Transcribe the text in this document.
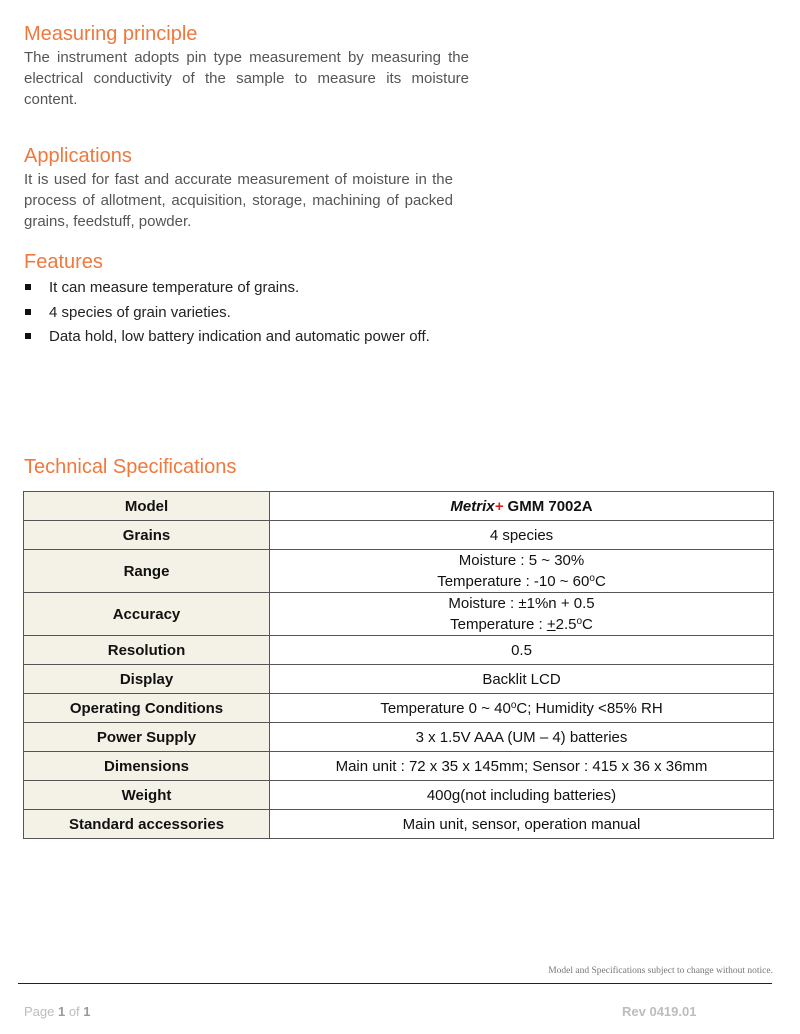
Measuring principle

The instrument adopts pin type measurement by measuring the electrical conductivity of the sample to measure its moisture content.

Applications

It is used for fast and accurate measurement of moisture in the process of allotment, acquisition, storage, machining of packed grains, feedstuff, powder.

Features
It can measure temperature of grains.
4 species of grain varieties.
Data hold, low battery indication and automatic power off.
Technical Specifications
Model	Metrix+ GMM 7002A
Grains	4 species
Range	Moisture : 5 ~ 30%
Temperature : -10 ~ 60$^o$C

Accuracy	Moisture : ±1%n + 0.5
Temperature : $+2.5^oC$

Resolution	0.5
Display	Backlit LCD
Operating Conditions	Temperature 0 ~ 40$^o$C; Humidity <85% RH
Power Supply	3 x 1.5V AAA (UM – 4) batteries
Dimensions	Main unit : 72 x 35 x 145mm; Sensor : 415 x 36 x 36mm
Weight	400g(not including batteries)
Standard accessories	Main unit, sensor, operation manual
Model and Specifications subject to change without notice.
Page 1 of 1	Rev 0419.01
